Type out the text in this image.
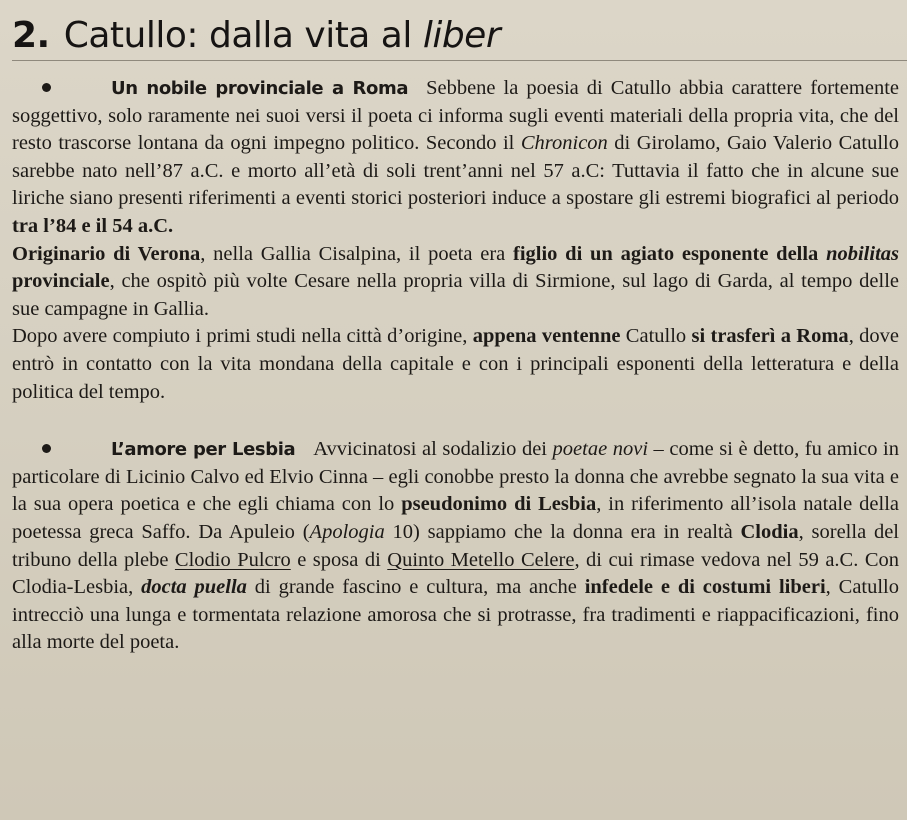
2. Catullo: dalla vita al liber

Un nobile provinciale a Roma Sebbene la poesia di Catullo abbia carattere fortemente soggettivo, solo raramente nei suoi versi il poeta ci informa sugli eventi materiali della propria vita, che del resto trascorse lontana da ogni impegno politico. Secondo il Chronicon di Girolamo, Gaio Valerio Catullo sarebbe nato nell’87 a.C. e morto all’età di soli trent’anni nel 57 a.C: Tuttavia il fatto che in alcune sue liriche siano presenti riferimenti a eventi storici posteriori induce a spostare gli estremi biografici al periodo tra l’84 e il 54 a.C.

Originario di Verona, nella Gallia Cisalpina, il poeta era figlio di un agiato esponente della nobilitas provinciale, che ospitò più volte Cesare nella propria villa di Sirmione, sul lago di Garda, al tempo delle sue campagne in Gallia.

Dopo avere compiuto i primi studi nella città d’origine, appena ventenne Catullo si trasferì a Roma, dove entrò in contatto con la vita mondana della capitale e con i principali esponenti della letteratura e della politica del tempo.

L’amore per Lesbia Avvicinatosi al sodalizio dei poetae novi – come si è detto, fu amico in particolare di Licinio Calvo ed Elvio Cinna – egli conobbe presto la donna che avrebbe segnato la sua vita e la sua opera poetica e che egli chiama con lo pseudonimo di Lesbia, in riferimento all’isola natale della poetessa greca Saffo. Da Apuleio (Apologia 10) sappiamo che la donna era in realtà Clodia, sorella del tribuno della plebe Clodio Pulcro e sposa di Quinto Metello Celere, di cui rimase vedova nel 59 a.C. Con Clodia-Lesbia, docta puella di grande fascino e cultura, ma anche infedele e di costumi liberi, Catullo intrecciò una lunga e tormentata relazione amorosa che si protrasse, fra tradimenti e riappacificazioni, fino alla morte del poeta.
